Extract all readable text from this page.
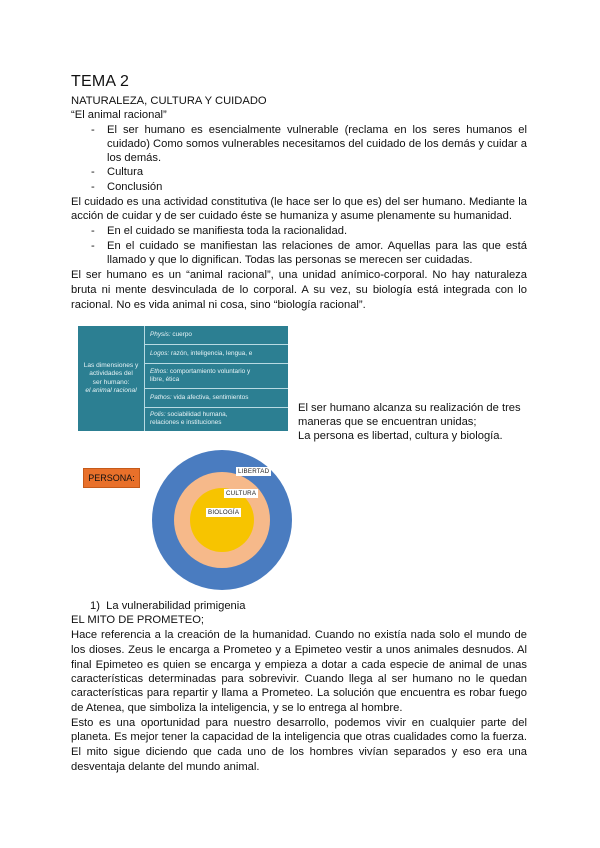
TEMA 2
NATURALEZA, CULTURA Y CUIDADO
“El animal racional”
- El ser humano es esencialmente vulnerable (reclama en los seres humanos el
cuidado) Como somos vulnerables necesitamos del cuidado de los demás y cuidar a
los demás.
- Cultura
- Conclusión
El cuidado es una actividad constitutiva (le hace ser lo que es) del ser humano. Mediante la
acción de cuidar y de ser cuidado éste se humaniza y asume plenamente su humanidad.
- En el cuidado se manifiesta toda la racionalidad.
- En el cuidado se manifiestan las relaciones de amor. Aquellas para las que está
llamado y que lo dignifican. Todas las personas se merecen ser cuidadas.
El ser humano es un “animal racional”, una unidad anímico-corporal. No hay naturaleza
bruta ni mente desvinculada de lo corporal. A su vez, su biología está integrada con lo
racional. No es vida animal ni cosa, sino “biología racional”.
Las dimensiones y
actividades del
ser humano:
el animal racional
Physis: cuerpo
Logos: razón, inteligencia, lengua, e
Ethos: comportamiento voluntario y
libre, ética
Pathos: vida afectiva, sentimientos
Polis: sociabilidad humana,
relaciones e instituciones
El ser humano alcanza su realización de tres
maneras que se encuentran unidas;
La persona es libertad, cultura y biología.
PERSONA:
LIBERTAD
CULTURA
BIOLOGÍA
1)  La vulnerabilidad primigenia
EL MITO DE PROMETEO;
Hace referencia a la creación de la humanidad. Cuando no existía nada solo el mundo de
los dioses. Zeus le encarga a Prometeo y a Epimeteo vestir a unos animales desnudos. Al
final Epimeteo es quien se encarga y empieza a dotar a cada especie de animal de unas
características determinadas para sobrevivir. Cuando llega al ser humano no le quedan
características para repartir y llama a Prometeo. La solución que encuentra es robar fuego
de Atenea, que simboliza la inteligencia, y se lo entrega al hombre.
Esto es una oportunidad para nuestro desarrollo, podemos vivir en cualquier parte del
planeta. Es mejor tener la capacidad de la inteligencia que otras cualidades como la fuerza.
El mito sigue diciendo que cada uno de los hombres vivían separados y eso era una
desventaja delante del mundo animal.
